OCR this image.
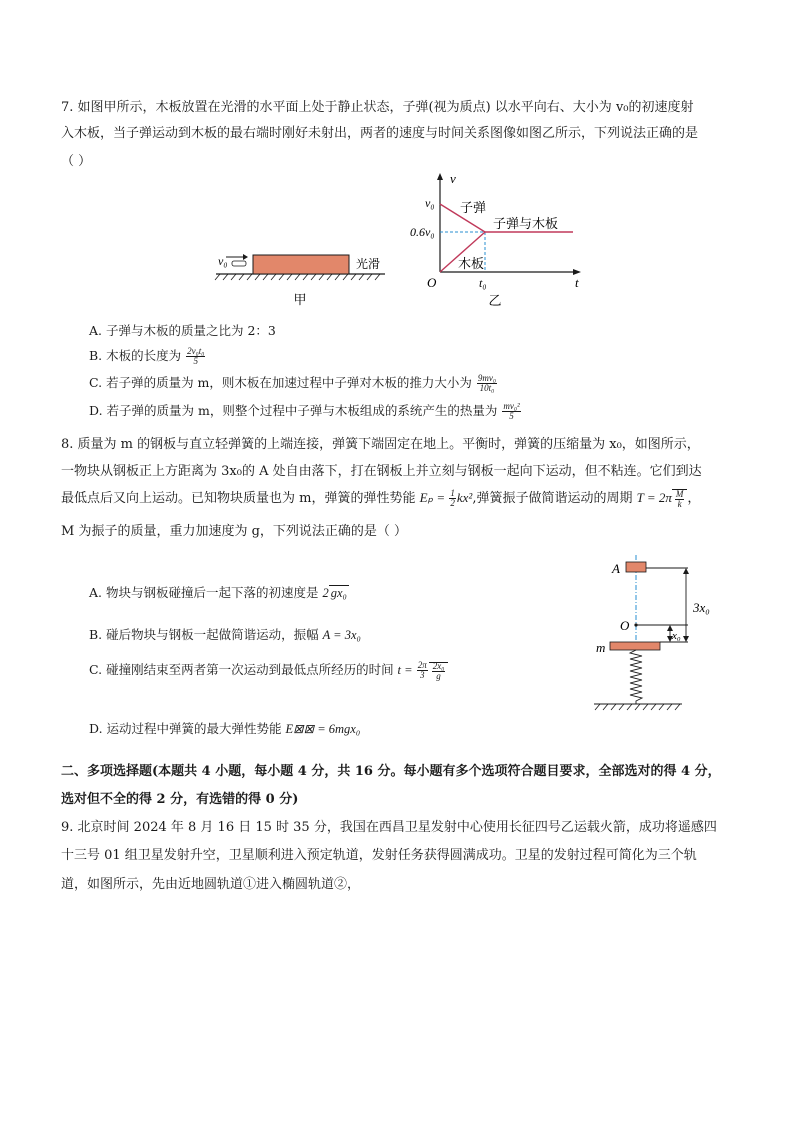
7. 如图甲所示，木板放置在光滑的水平面上处于静止状态，子弹(视为质点) 以水平向右、大小为 v₀的初速度射
入木板，当子弹运动到木板的最右端时刚好未射出，两者的速度与时间关系图像如图乙所示，下列说法正确的是
（ ）
v₀	光滑
甲
v
t
O
v₀
0.6v₀
t₀
子弹
子弹与木板
木板
乙
A. 子弹与木板的质量之比为 2：3
B. 木板的长度为 $\frac{\text{2v₀t₀}}{5}$
C. 若子弹的质量为 m，则木板在加速过程中子弹对木板的推力大小为 $\frac{\text{9mv₀}}{\text{10t₀}}$
D. 若子弹的质量为 m，则整个过程中子弹与木板组成的系统产生的热量为 $\frac{\text{mv₀²}}{5}$
8. 质量为 m 的钢板与直立轻弹簧的上端连接，弹簧下端固定在地上。平衡时，弹簧的压缩量为 x₀，如图所示，
一物块从钢板正上方距离为 3x₀的 A 处自由落下，打在钢板上并立刻与钢板一起向下运动，但不粘连。它们到达
最低点后又向上运动。已知物块质量也为 m，弹簧的弹性势能 $E_p = \frac{1}{2} kx^2$,弹簧振子做简谐运动的周期 $T = 2\pi \frac{M}{k}$ ，
M 为振子的质量，重力加速度为 g，下列说法正确的是（ ）
A
O
m
3x₀
x₀
A. 物块与钢板碰撞后一起下落的初速度是 2 gx₀
B. 碰后物块与钢板一起做简谐运动，振幅 A = 3x₀
C. 碰撞刚结束至两者第一次运动到最低点所经历的时间 $t = \frac{2\pi}{3} \frac{\text{2x₀}}{g}$
D. 运动过程中弹簧的最大弹性势能 E⊠⊠ = 6mgx₀
二、多项选择题(本题共 4 小题，每小题 4 分，共 16 分。每小题有多个选项符合题目要求，全部选对的得 4 分，
选对但不全的得 2 分，有选错的得 0 分)
9. 北京时间 2024 年 8 月 16 日 15 时 35 分，我国在西昌卫星发射中心使用长征四号乙运载火箭，成功将遥感四
十三号 01 组卫星发射升空，卫星顺利进入预定轨道，发射任务获得圆满成功。卫星的发射过程可简化为三个轨
道，如图所示，先由近地圆轨道①进入椭圆轨道②，
